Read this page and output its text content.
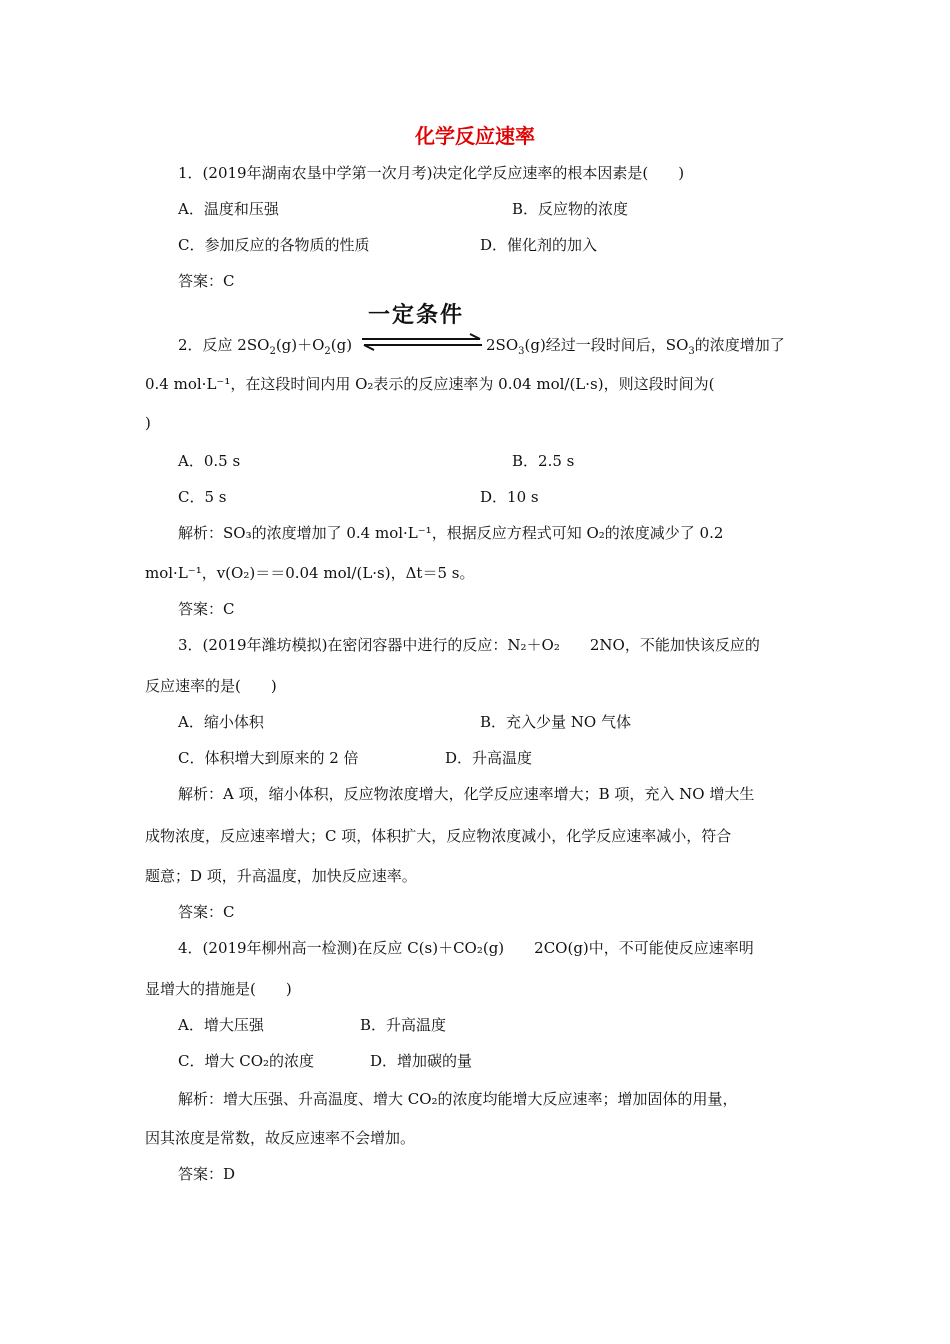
化学反应速率
1．(2019年湖南农垦中学第一次月考)决定化学反应速率的根本因素是(　　)
A．温度和压强	B．反应物的浓度
C．参加反应的各物质的性质	D．催化剂的加入
答案：C
一定条件
2．反应 $2SO_2(g)+O_2(g)$	$2SO_3(g)$经过一段时间后，$SO_3$的浓度增加了
0.4 mol·L⁻¹，在这段时间内用 O₂表示的反应速率为 0.04 mol/(L·s)，则这段时间为(
)
A．0.5 s	B．2.5 s
C．5 s	D．10 s
解析：SO₃的浓度增加了 0.4 mol·L⁻¹，根据反应方程式可知 O₂的浓度减少了 0.2
mol·L⁻¹，v(O₂)＝＝0.04 mol/(L·s)，Δt＝5 s。
答案：C
3．(2019年潍坊模拟)在密闭容器中进行的反应：N₂＋O₂　　2NO，不能加快该反应的
反应速率的是(　　)
A．缩小体积	B．充入少量 NO 气体
C．体积增大到原来的 2 倍	D．升高温度
解析：A 项，缩小体积，反应物浓度增大，化学反应速率增大；B 项，充入 NO 增大生
成物浓度，反应速率增大；C 项，体积扩大，反应物浓度减小，化学反应速率减小，符合
题意；D 项，升高温度，加快反应速率。
答案：C
4．(2019年柳州高一检测)在反应 C(s)＋CO₂(g)　　2CO(g)中，不可能使反应速率明
显增大的措施是(　　)
A．增大压强	B．升高温度
C．增大 CO₂的浓度	D．增加碳的量
解析：增大压强、升高温度、增大 CO₂的浓度均能增大反应速率；增加固体的用量，
因其浓度是常数，故反应速率不会增加。
答案：D
